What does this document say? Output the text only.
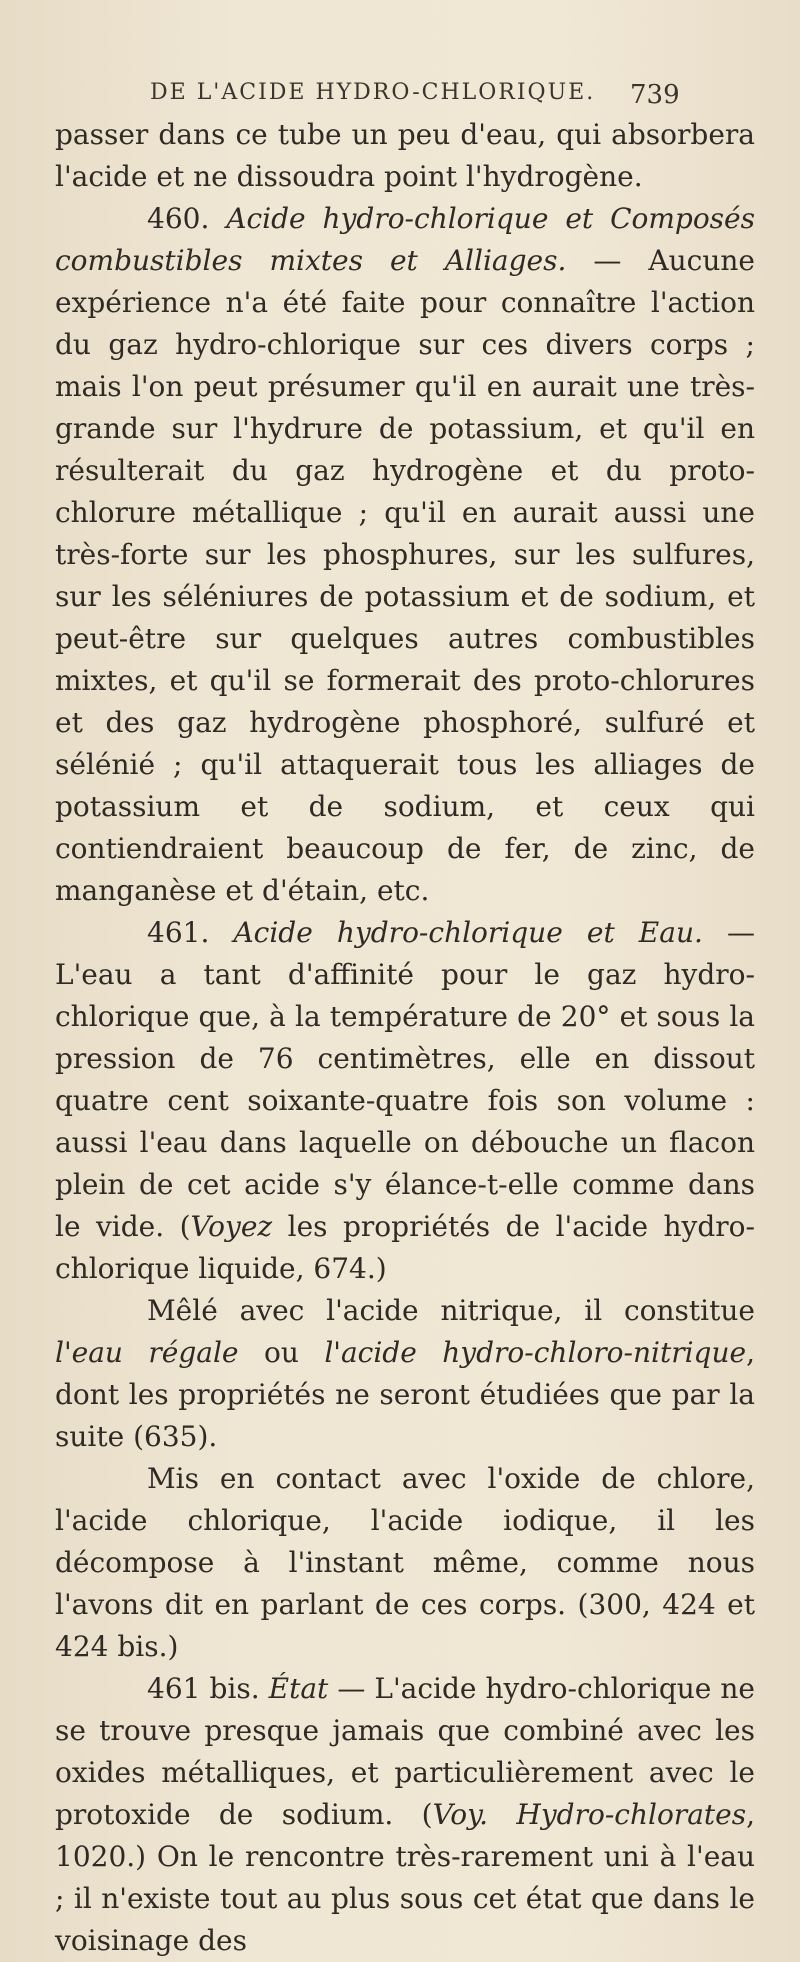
DE L'ACIDE HYDRO-CHLORIQUE.	739

passer dans ce tube un peu d'eau, qui absorbera l'acide et ne dissoudra point l'hydrogène.

460. Acide hydro-chlorique et Composés combustibles mixtes et Alliages. — Aucune expérience n'a été faite pour connaître l'action du gaz hydro-chlorique sur ces divers corps ; mais l'on peut présumer qu'il en aurait une très-grande sur l'hydrure de potassium, et qu'il en résulterait du gaz hydrogène et du proto-chlorure métallique ; qu'il en aurait aussi une très-forte sur les phosphures, sur les sulfures, sur les séléniures de potassium et de sodium, et peut-être sur quelques autres combustibles mixtes, et qu'il se formerait des proto-chlorures et des gaz hydrogène phosphoré, sulfuré et sélénié ; qu'il attaquerait tous les alliages de potassium et de sodium, et ceux qui contiendraient beaucoup de fer, de zinc, de manganèse et d'étain, etc.

461. Acide hydro-chlorique et Eau. — L'eau a tant d'affinité pour le gaz hydro-chlorique que, à la température de 20° et sous la pression de 76 centimètres, elle en dissout quatre cent soixante-quatre fois son volume : aussi l'eau dans laquelle on débouche un flacon plein de cet acide s'y élance-t-elle comme dans le vide. (Voyez les propriétés de l'acide hydro-chlorique liquide, 674.)

Mêlé avec l'acide nitrique, il constitue l'eau régale ou l'acide hydro-chloro-nitrique, dont les propriétés ne seront étudiées que par la suite (635).

Mis en contact avec l'oxide de chlore, l'acide chlorique, l'acide iodique, il les décompose à l'instant même, comme nous l'avons dit en parlant de ces corps. (300, 424 et 424 bis.)

461 bis. État — L'acide hydro-chlorique ne se trouve presque jamais que combiné avec les oxides métalliques, et particulièrement avec le protoxide de sodium. (Voy. Hydro-chlorates, 1020.) On le rencontre très-rarement uni à l'eau ; il n'existe tout au plus sous cet état que dans le voisinage des
